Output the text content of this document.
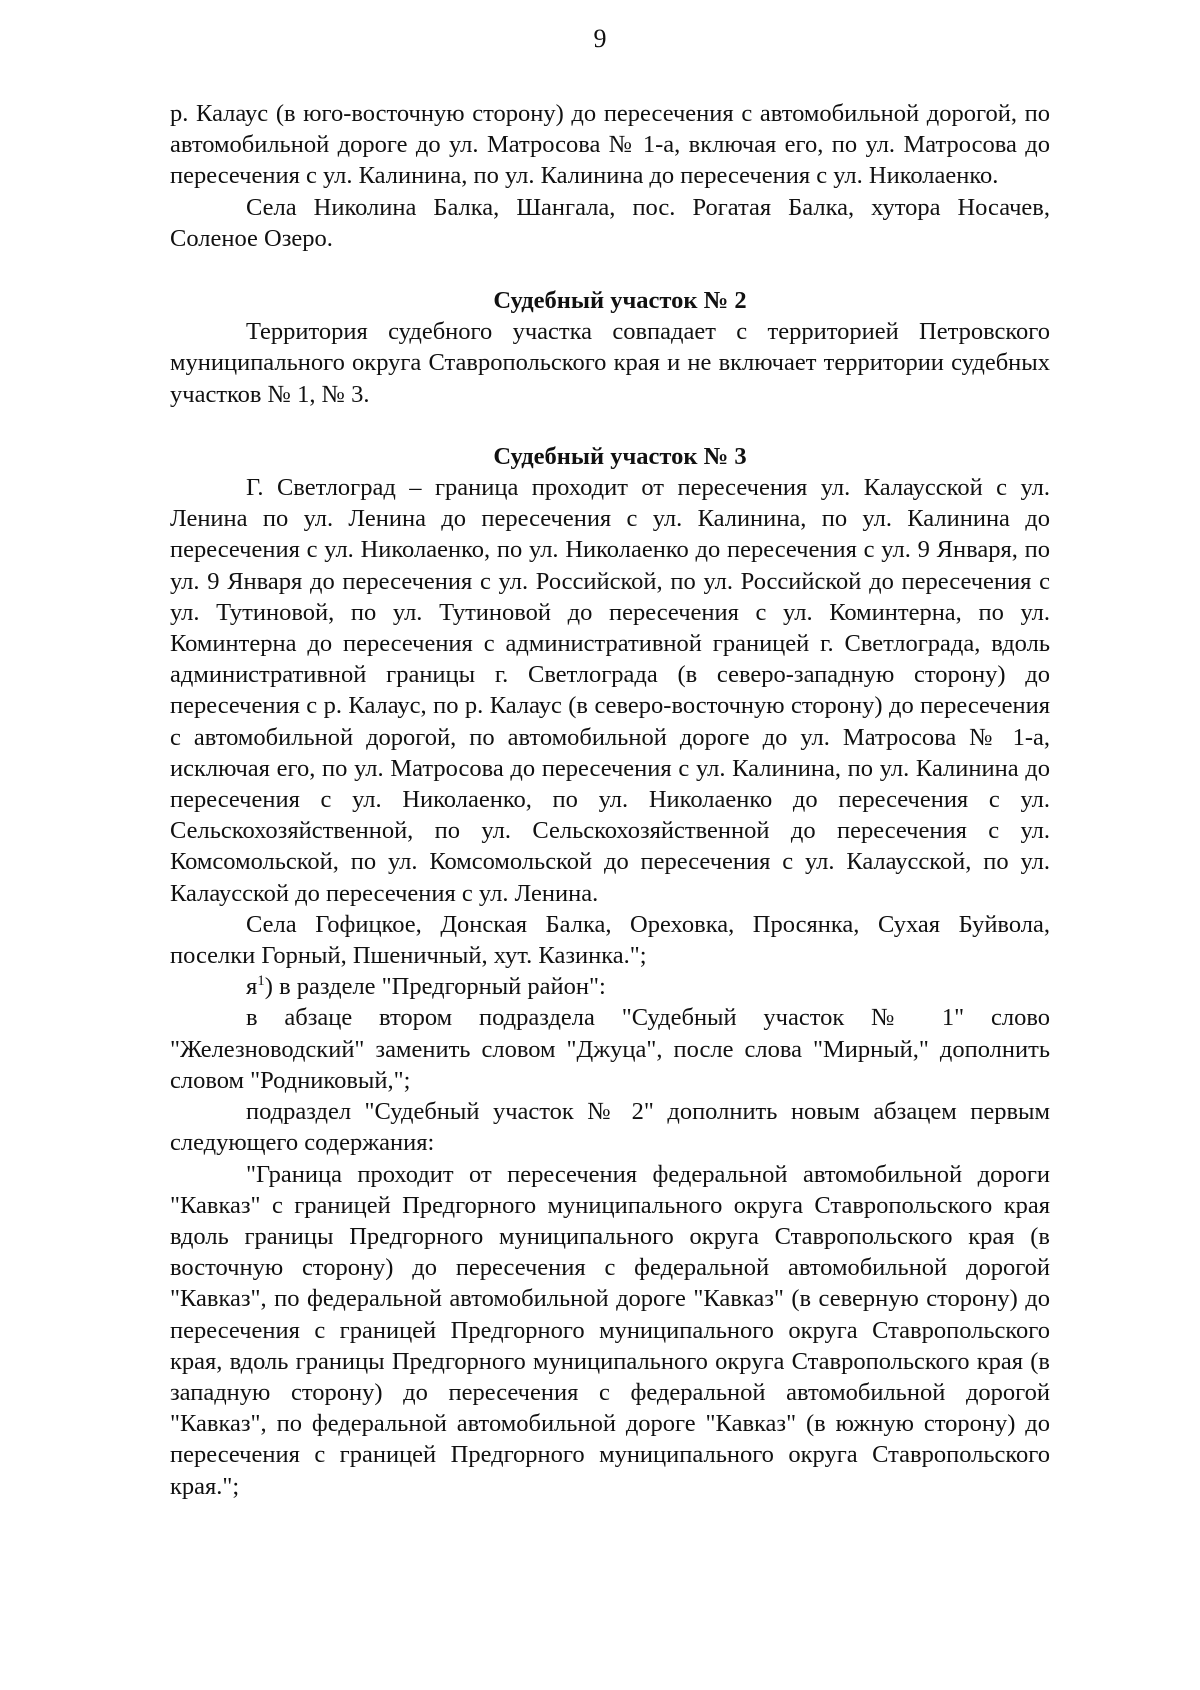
9

р. Калаус (в юго-восточную сторону) до пересечения с автомобильной дорогой, по автомобильной дороге до ул. Матросова № 1-а, включая его, по ул. Матросова до пересечения с ул. Калинина, по ул. Калинина до пересечения с ул. Николаенко.

Села Николина Балка, Шангала, пос. Рогатая Балка, хутора Носачев, Соленое Озеро.

Судебный участок № 2

Территория судебного участка совпадает с территорией Петровского муниципального округа Ставропольского края и не включает территории судебных участков № 1, № 3.

Судебный участок № 3

Г. Светлоград – граница проходит от пересечения ул. Калаусской с ул. Ленина по ул. Ленина до пересечения с ул. Калинина, по ул. Калинина до пересечения с ул. Николаенко, по ул. Николаенко до пересечения с ул. 9 Января, по ул. 9 Января до пересечения с ул. Российской, по ул. Российской до пересечения с ул. Тутиновой, по ул. Тутиновой до пересечения с ул. Коминтерна, по ул. Коминтерна до пересечения с административной границей г. Светлограда, вдоль административной границы г. Светлограда (в северо-западную сторону) до пересечения с р. Калаус, по р. Калаус (в северо-восточную сторону) до пересечения с автомобильной дорогой, по автомобильной дороге до ул. Матросова № 1-а, исключая его, по ул. Матросова до пересечения с ул. Калинина, по ул. Калинина до пересечения с ул. Николаенко, по ул. Николаенко до пересечения с ул. Сельскохозяйственной, по ул. Сельскохозяйственной до пересечения с ул. Комсомольской, по ул. Комсомольской до пересечения с ул. Калаусской, по ул. Калаусской до пересечения с ул. Ленина.

Села Гофицкое, Донская Балка, Ореховка, Просянка, Сухая Буйвола, поселки Горный, Пшеничный, хут. Казинка.";

$я^1$) в разделе "Предгорный район":

в абзаце втором подраздела "Судебный участок № 1" слово "Железноводский" заменить словом "Джуца", после слова "Мирный," дополнить словом "Родниковый,";

подраздел "Судебный участок № 2" дополнить новым абзацем первым следующего содержания:

"Граница проходит от пересечения федеральной автомобильной дороги "Кавказ" с границей Предгорного муниципального округа Ставропольского края вдоль границы Предгорного муниципального округа Ставропольского края (в восточную сторону) до пересечения с федеральной автомобильной дорогой "Кавказ", по федеральной автомобильной дороге "Кавказ" (в северную сторону) до пересечения с границей Предгорного муниципального округа Ставропольского края, вдоль границы Предгорного муниципального округа Ставропольского края (в западную сторону) до пересечения с федеральной автомобильной дорогой "Кавказ", по федеральной автомобильной дороге "Кавказ" (в южную сторону) до пересечения с границей Предгорного муниципального округа Ставропольского края.";
